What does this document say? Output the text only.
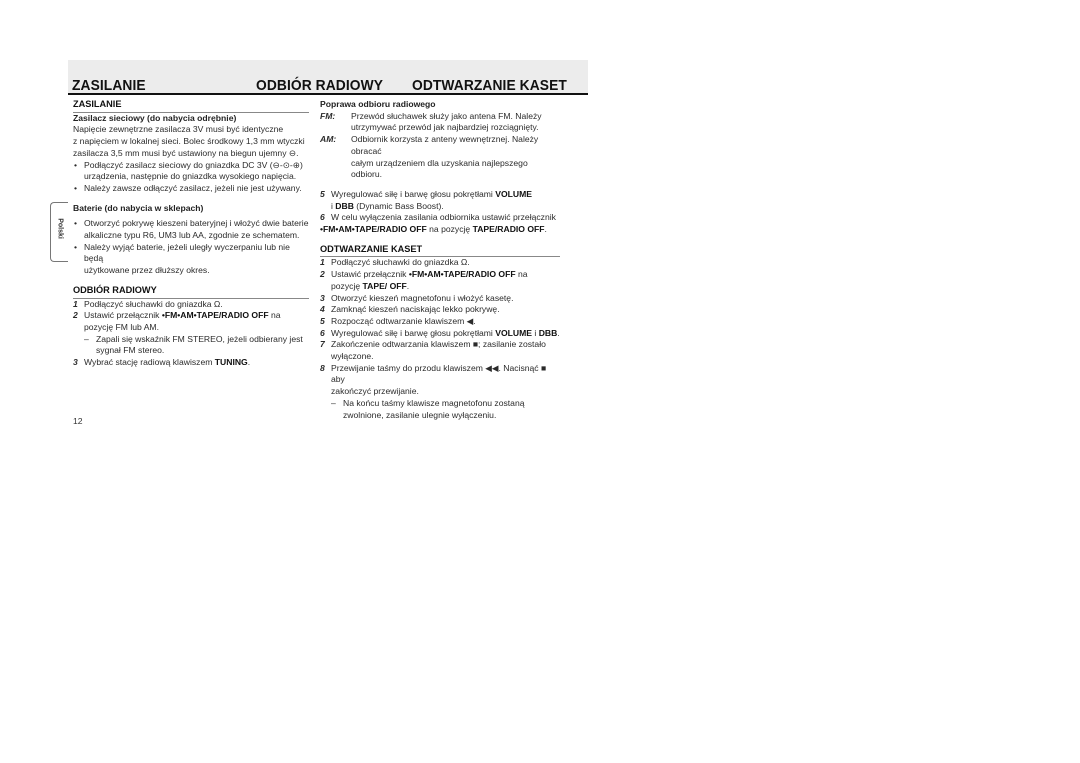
ZASILANIE	ODBIÓR RADIOWY ODTWARZANIE KASET
Polski

ZASILANIE

Zasilacz sieciowy (do nabycia odrębnie)

Napięcie zewnętrzne zasilacza 3V musi być identyczne

z napięciem w lokalnej sieci. Bolec środkowy 1,3 mm wtyczki

zasilacza 3,5 mm musi być ustawiony na biegun ujemny ⊖.

• Podłączyć zasilacz sieciowy do gniazdka DC 3V (⊖-⊙-⊕)
urządzenia, następnie do gniazdka wysokiego napięcia.

• Należy zawsze odłączyć zasilacz, jeżeli nie jest używany.

Baterie (do nabycia w sklepach)

• Otworzyć pokrywę kieszeni bateryjnej i włożyć dwie baterie
alkaliczne typu R6, UM3 lub AA, zgodnie ze schematem.

• Należy wyjąć baterie, jeżeli uległy wyczerpaniu lub nie będą
użytkowane przez dłuższy okres.

ODBIÓR RADIOWY

1 Podłączyć słuchawki do gniazdka Ω.

2 Ustawić przełącznik •FM•AM•TAPE/RADIO OFF na
pozycję FM lub AM.

– Zapali się wskaźnik FM STEREO, jeżeli odbierany jest
sygnał FM stereo.

3 Wybrać stację radiową klawiszem TUNING.

Poprawa odbioru radiowego

FM:	Przewód słuchawek służy jako antena FM. Należy
utrzymywać przewód jak najbardziej rozciągnięty.
AM:	Odbiornik korzysta z anteny wewnętrznej. Należy obracać
całym urządzeniem dla uzyskania najlepszego odbioru.

5 Wyregulować siłę i barwę głosu pokrętłami VOLUME
i DBB (Dynamic Bass Boost).

6 W celu wyłączenia zasilania odbiornika ustawić przełącznik

•FM•AM•TAPE/RADIO OFF na pozycję TAPE/RADIO OFF.

ODTWARZANIE KASET

1 Podłączyć słuchawki do gniazdka Ω.

2 Ustawić przełącznik •FM•AM•TAPE/RADIO OFF na
pozycję TAPE/ OFF.

3 Otworzyć kieszeń magnetofonu i włożyć kasetę.

4 Zamknąć kieszeń naciskając lekko pokrywę.

5 Rozpocząć odtwarzanie klawiszem ◀.

6 Wyregulować siłę i barwę głosu pokrętłami VOLUME i DBB.

7 Zakończenie odtwarzania klawiszem ■; zasilanie zostało
wyłączone.

8 Przewijanie taśmy do przodu klawiszem ◀◀. Nacisnąć ■ aby
zakończyć przewijanie.

– Na końcu taśmy klawisze magnetofonu zostaną
zwolnione, zasilanie ulegnie wyłączeniu.

12
